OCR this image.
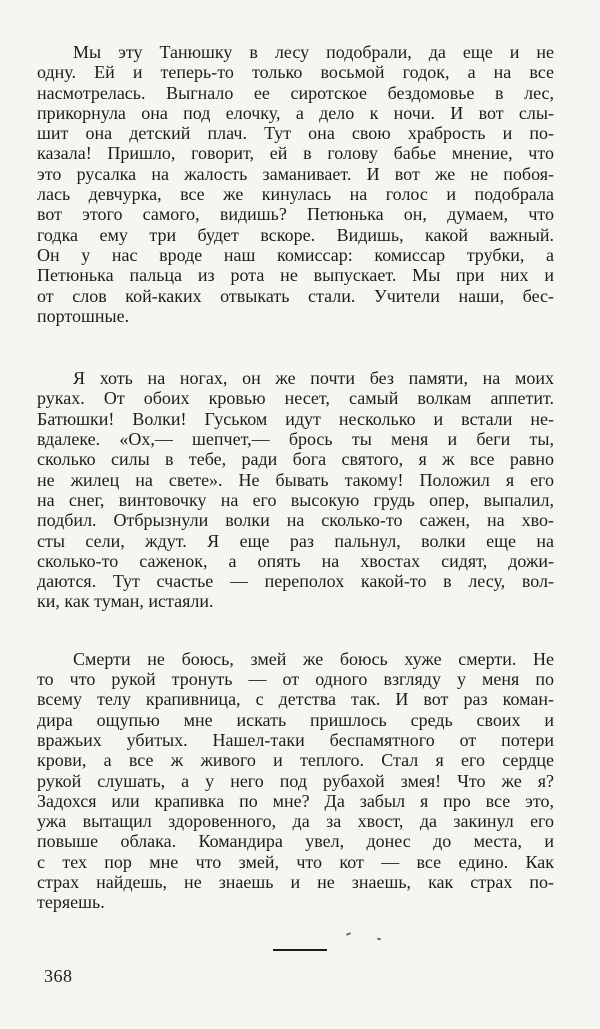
Мы эту Танюшку в лесу подобрали, да еще и не
одну. Ей и теперь-то только восьмой годок, а на все
насмотрелась. Выгнало ее сиротское бездомовье в лес,
прикорнула она под елочку, а дело к ночи. И вот слы-
шит она детский плач. Тут она свою храбрость и по-
казала! Пришло, говорит, ей в голову бабье мнение, что
это русалка на жалость заманивает. И вот же не побоя-
лась девчурка, все же кинулась на голос и подобрала
вот этого самого, видишь? Петюнька он, думаем, что
годка ему три будет вскоре. Видишь, какой важный.
Он у нас вроде наш комиссар: комиссар трубки, а
Петюнька пальца из рота не выпускает. Мы при них и
от слов кой-каких отвыкать стали. Учители наши, бес-
портошные.
Я хоть на ногах, он же почти без памяти, на моих
руках. От обоих кровью несет, самый волкам аппетит.
Батюшки! Волки! Гуськом идут несколько и встали не-
вдалеке. «Ох,— шепчет,— брось ты меня и беги ты,
сколько силы в тебе, ради бога святого, я ж все равно
не жилец на свете». Не бывать такому! Положил я его
на снег, винтовочку на его высокую грудь опер, выпалил,
подбил. Отбрызнули волки на сколько-то сажен, на хво-
сты сели, ждут. Я еще раз пальнул, волки еще на
сколько-то саженок, а опять на хвостах сидят, дожи-
даются. Тут счастье — переполох какой-то в лесу, вол-
ки, как туман, истаяли.
Смерти не боюсь, змей же боюсь хуже смерти. Не
то что рукой тронуть — от одного взгляду у меня по
всему телу крапивница, с детства так. И вот раз коман-
дира ощупью мне искать пришлось средь своих и
вражьих убитых. Нашел-таки беспамятного от потери
крови, а все ж живого и теплого. Стал я его сердце
рукой слушать, а у него под рубахой змея! Что же я?
Задохся или крапивка по мне? Да забыл я про все это,
ужа вытащил здоровенного, да за хвост, да закинул его
повыше облака. Командира увел, донес до места, и
с тех пор мне что змей, что кот — все едино. Как
страх найдешь, не знаешь и не знаешь, как страх по-
теряешь.
368
